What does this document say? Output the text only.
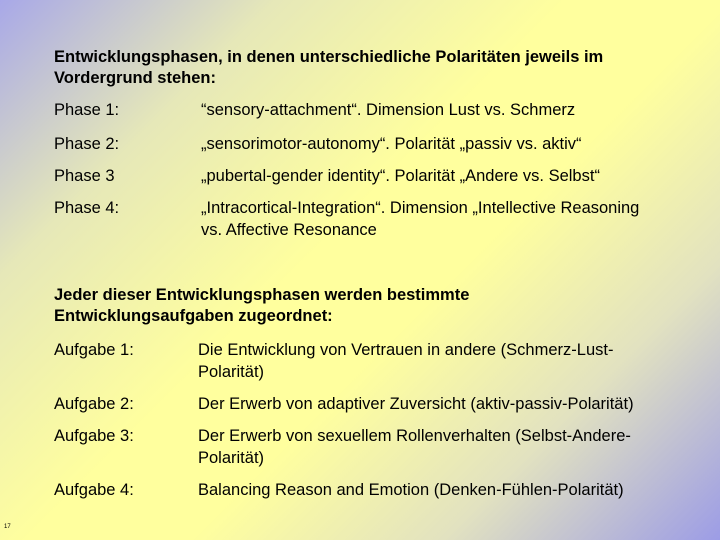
Entwicklungsphasen, in denen unterschiedliche Polaritäten jeweils im
Vordergrund stehen:
Phase 1:	“sensory-attachment“. Dimension Lust vs. Schmerz
Phase 2:	„sensorimotor-autonomy“. Polarität „passiv vs. aktiv“
Phase 3	„pubertal-gender identity“. Polarität „Andere vs. Selbst“
Phase 4:	„Intracortical-Integration“. Dimension „Intellective Reasoning
vs. Affective Resonance
Jeder dieser Entwicklungsphasen werden bestimmte
Entwicklungsaufgaben zugeordnet:
Aufgabe 1:	Die Entwicklung von Vertrauen in andere (Schmerz-Lust-
Polarität)
Aufgabe 2:	Der Erwerb von adaptiver Zuversicht (aktiv-passiv-Polarität)
Aufgabe 3:	Der Erwerb von sexuellem Rollenverhalten (Selbst-Andere-
Polarität)
Aufgabe 4:	Balancing Reason and Emotion (Denken-Fühlen-Polarität)
17
